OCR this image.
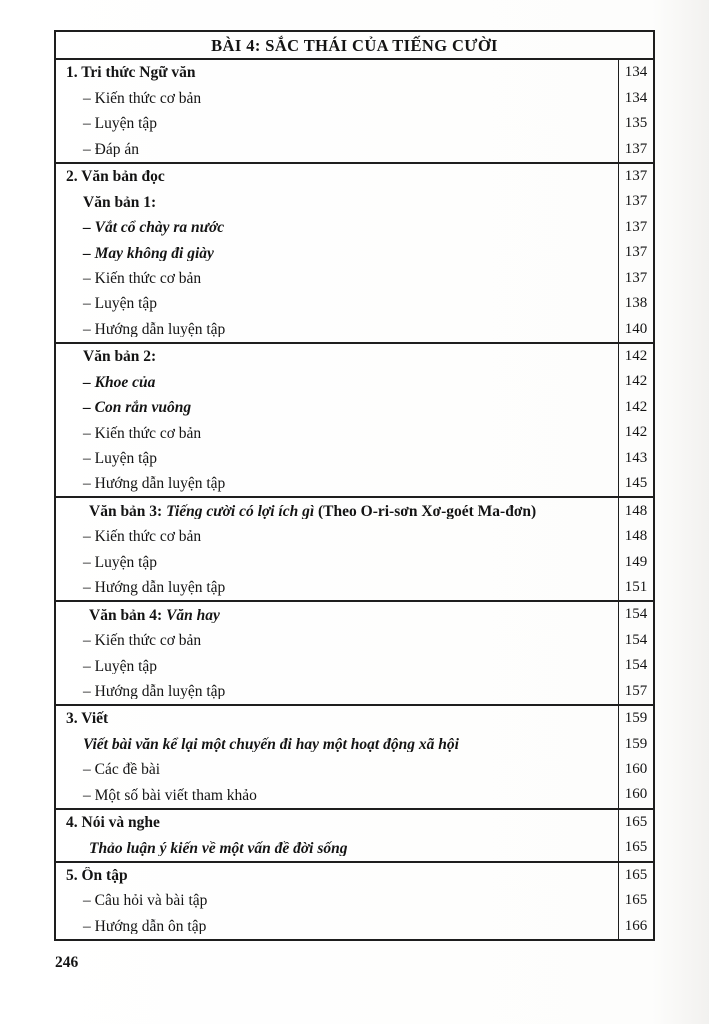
BÀI 4: SẮC THÁI CỦA TIẾNG CƯỜI
1. Tri thức Ngữ văn	134
– Kiến thức cơ bản	134
– Luyện tập	135
– Đáp án	137
2. Văn bản đọc	137
Văn bản 1:	137
– Vắt cổ chày ra nước	137
– May không đi giày	137
– Kiến thức cơ bản	137
– Luyện tập	138
– Hướng dẫn luyện tập	140
Văn bản 2:	142
– Khoe của	142
– Con rắn vuông	142
– Kiến thức cơ bản	142
– Luyện tập	143
– Hướng dẫn luyện tập	145
Văn bản 3: Tiếng cười có lợi ích gì (Theo O-ri-sơn Xơ-goét Ma-đơn)	148
– Kiến thức cơ bản	148
– Luyện tập	149
– Hướng dẫn luyện tập	151
Văn bản 4: Văn hay	154
– Kiến thức cơ bản	154
– Luyện tập	154
– Hướng dẫn luyện tập	157
3. Viết	159
Viết bài văn kể lại một chuyến đi hay một hoạt động xã hội	159
– Các đề bài	160
– Một số bài viết tham khảo	160
4. Nói và nghe	165
Thảo luận ý kiến về một vấn đề đời sống	165
5. Ôn tập	165
– Câu hỏi và bài tập	165
– Hướng dẫn ôn tập	166
246
